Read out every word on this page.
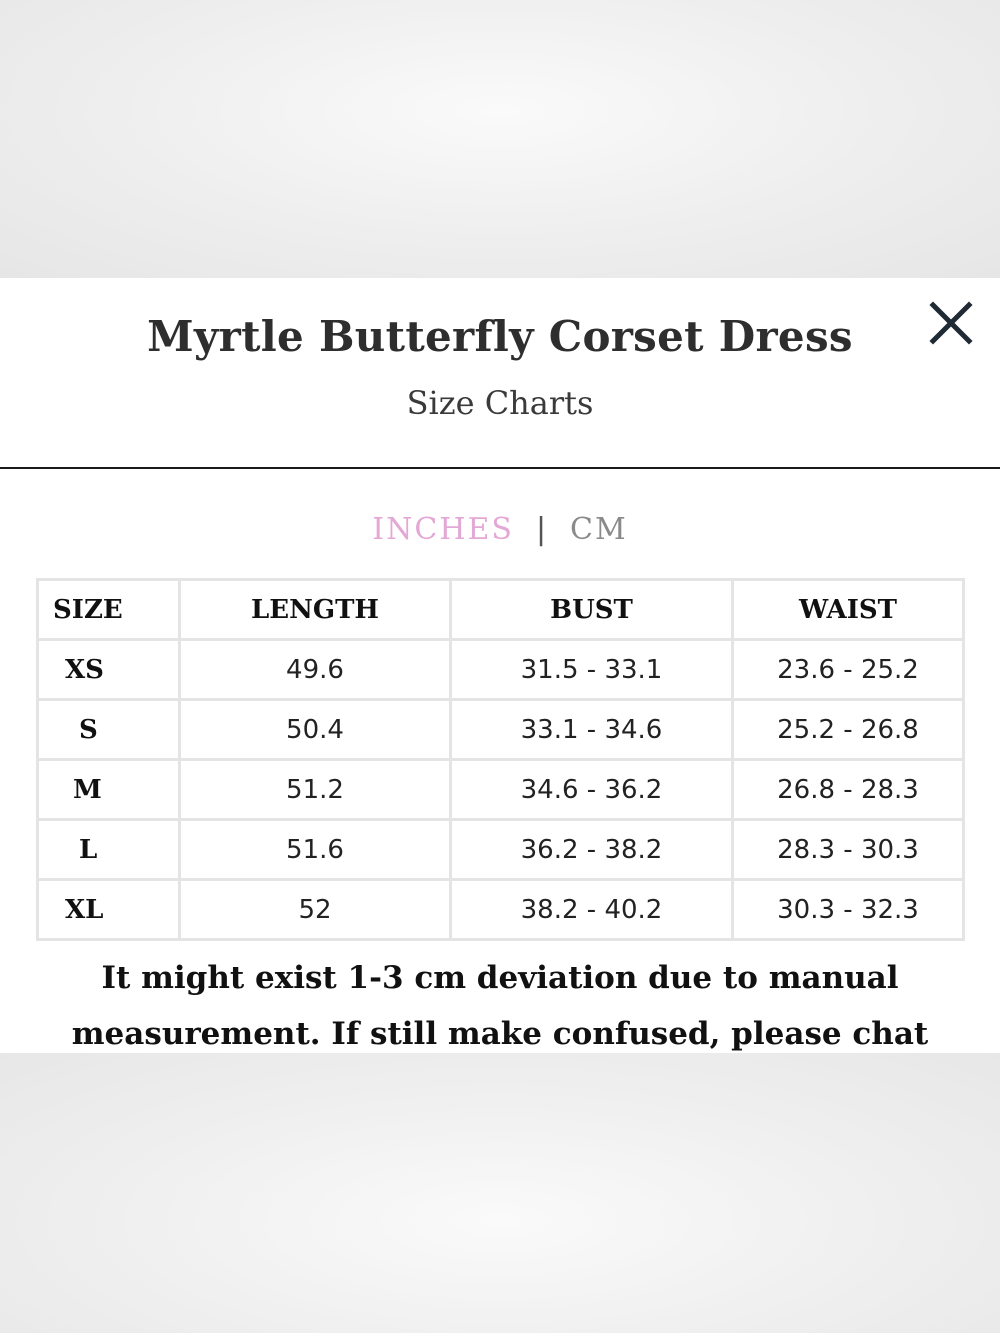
Myrtle Butterfly Corset Dress
Size Charts
INCHES | CM
SIZE	LENGTH	BUST	WAIST
XS	49.6	31.5 - 33.1	23.6 - 25.2
S	50.4	33.1 - 34.6	25.2 - 26.8
M	51.2	34.6 - 36.2	26.8 - 28.3
L	51.6	36.2 - 38.2	28.3 - 30.3
XL	52	38.2 - 40.2	30.3 - 32.3
It might exist 1-3 cm deviation due to manual
measurement. If still make confused, please chat
